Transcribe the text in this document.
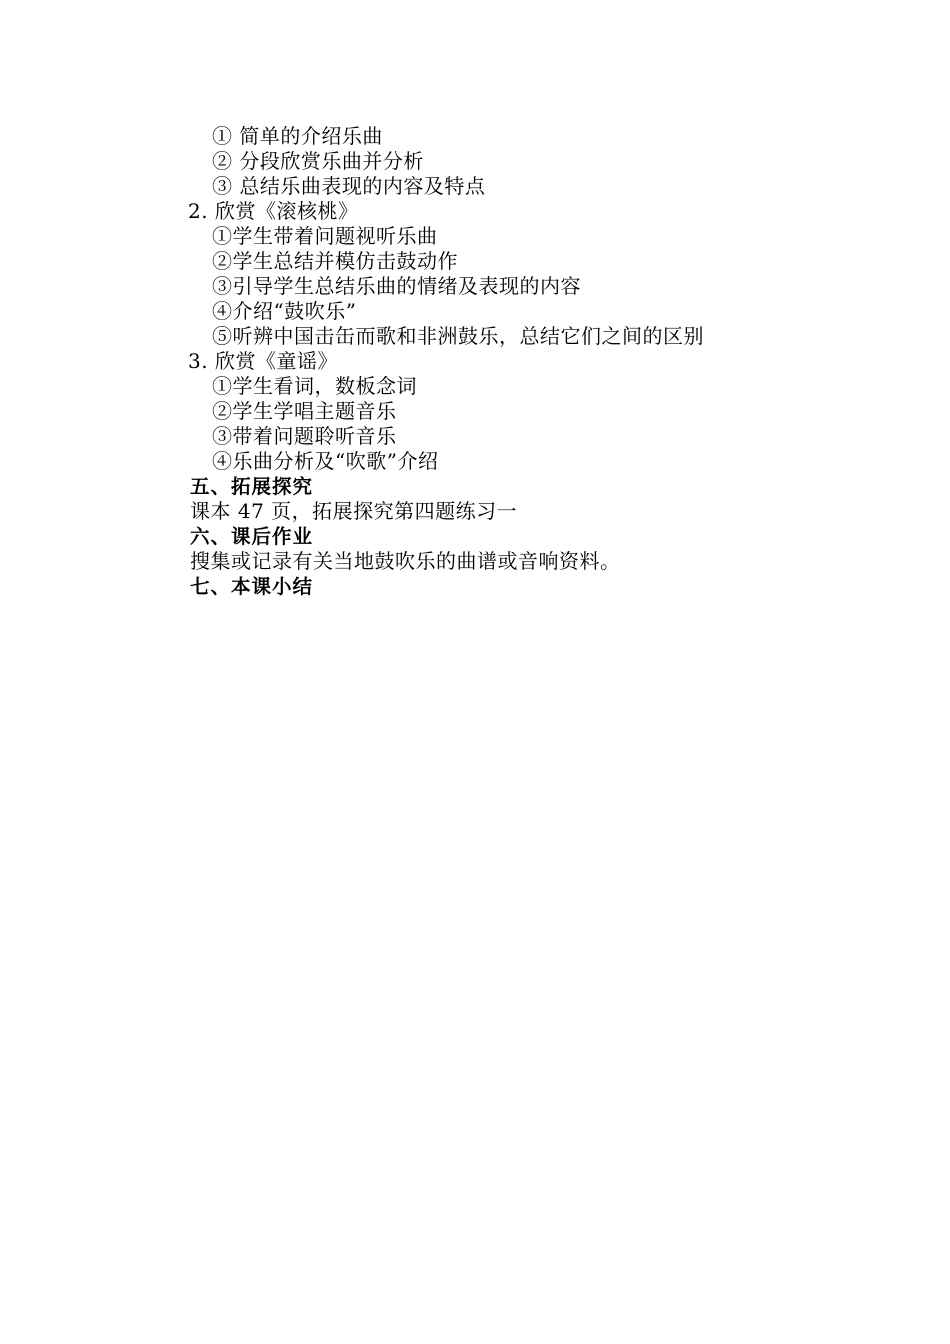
① 简单的介绍乐曲
② 分段欣赏乐曲并分析
③ 总结乐曲表现的内容及特点
2. 欣赏《滚核桃》
①学生带着问题视听乐曲
②学生总结并模仿击鼓动作
③引导学生总结乐曲的情绪及表现的内容
④介绍“鼓吹乐”
⑤听辨中国击缶而歌和非洲鼓乐，总结它们之间的区别
3. 欣赏《童谣》
①学生看词，数板念词
②学生学唱主题音乐
③带着问题聆听音乐
④乐曲分析及“吹歌”介绍
五、拓展探究
课本 47 页，拓展探究第四题练习一
六、课后作业
搜集或记录有关当地鼓吹乐的曲谱或音响资料。
七、本课小结
